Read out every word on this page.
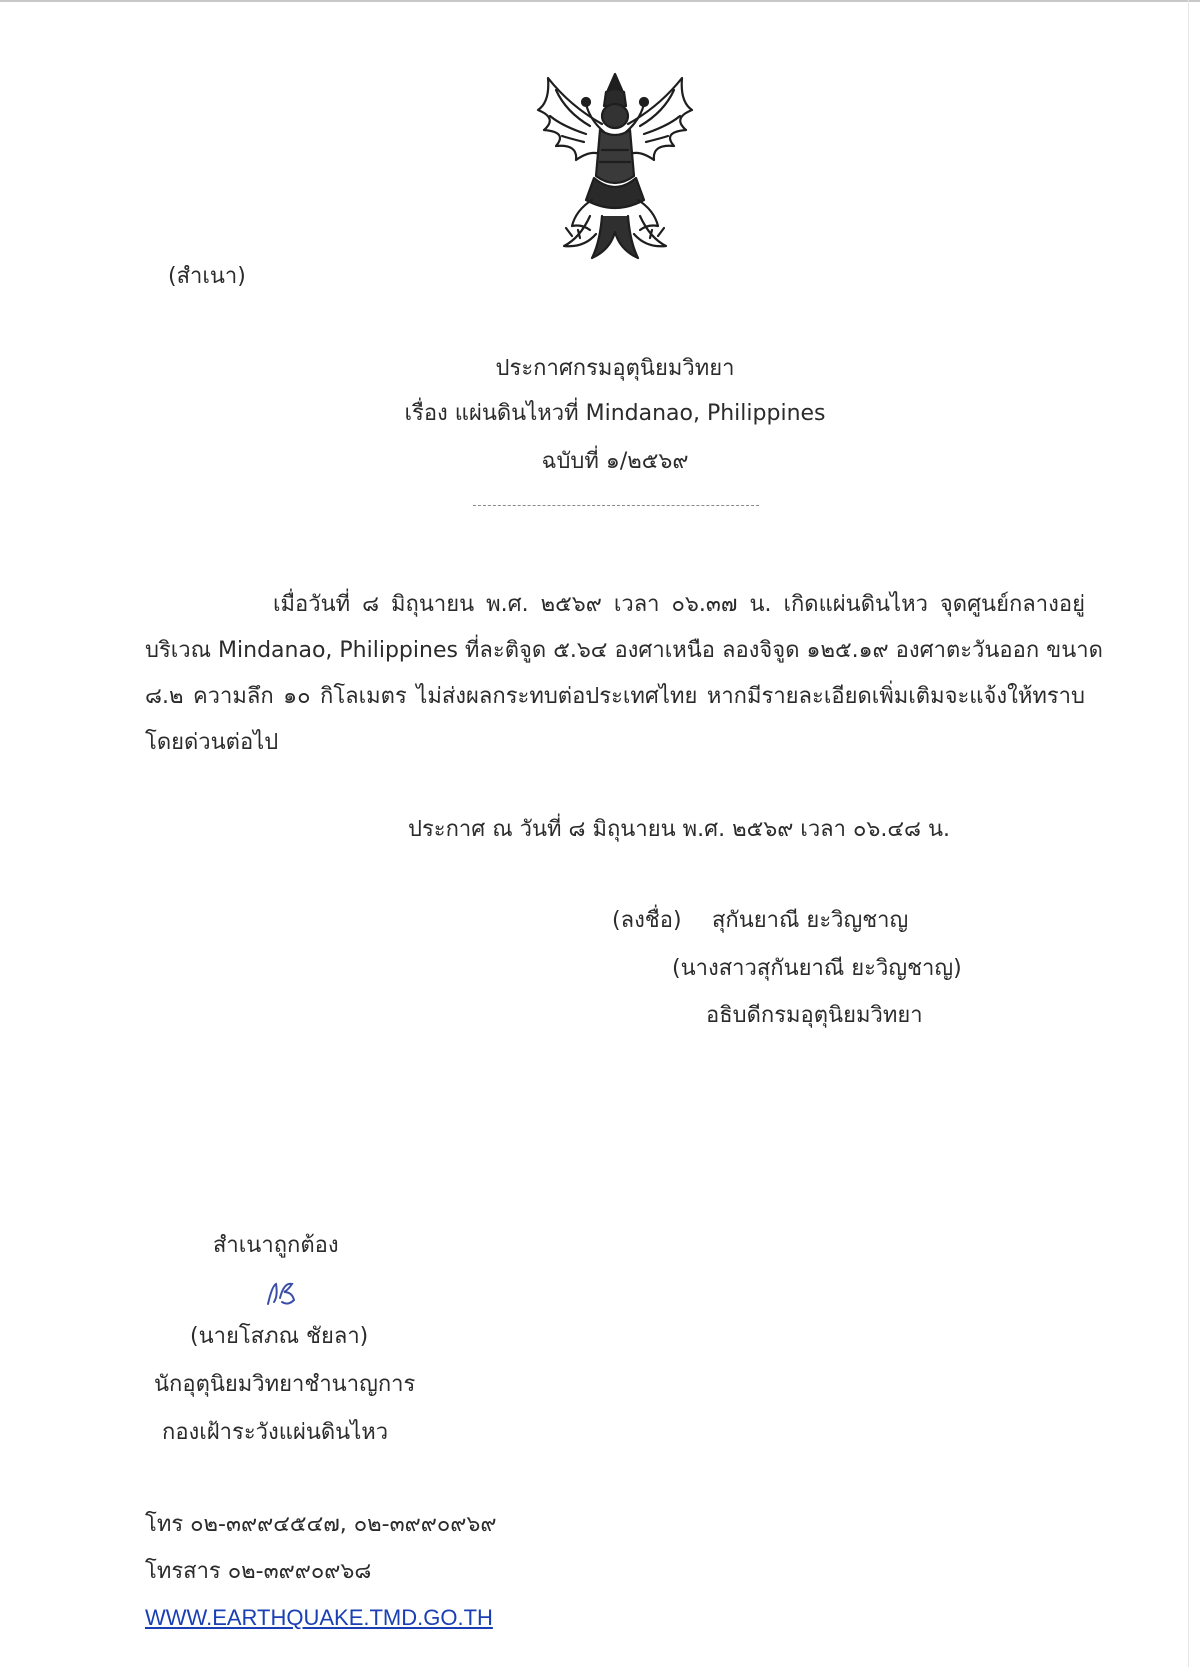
(สำเนา)
ประกาศกรมอุตุนิยมวิทยา
เรื่อง แผ่นดินไหวที่ Mindanao, Philippines
ฉบับที่ ๑/๒๕๖๙
เมื่อวันที่ ๘ มิถุนายน พ.ศ. ๒๕๖๙ เวลา ๐๖.๓๗ น. เกิดแผ่นดินไหว จุดศูนย์กลางอยู่
บริเวณ Mindanao, Philippines ที่ละติจูด ๕.๖๔ องศาเหนือ ลองจิจูด ๑๒๕.๑๙ องศาตะวันออก ขนาด
๘.๒ ความลึก ๑๐ กิโลเมตร ไม่ส่งผลกระทบต่อประเทศไทย หากมีรายละเอียดเพิ่มเติมจะแจ้งให้ทราบ
โดยด่วนต่อไป
ประกาศ ณ วันที่ ๘ มิถุนายน พ.ศ. ๒๕๖๙ เวลา ๐๖.๔๘ น.
(ลงชื่อ) สุกันยาณี ยะวิญชาญ
(นางสาวสุกันยาณี ยะวิญชาญ)
อธิบดีกรมอุตุนิยมวิทยา
สำเนาถูกต้อง
(นายโสภณ ชัยลา)
นักอุตุนิยมวิทยาชำนาญการ
กองเฝ้าระวังแผ่นดินไหว
โทร ๐๒-๓๙๙๔๕๔๗, ๐๒-๓๙๙๐๙๖๙
โทรสาร ๐๒-๓๙๙๐๙๖๘
WWW.EARTHQUAKE.TMD.GO.TH
